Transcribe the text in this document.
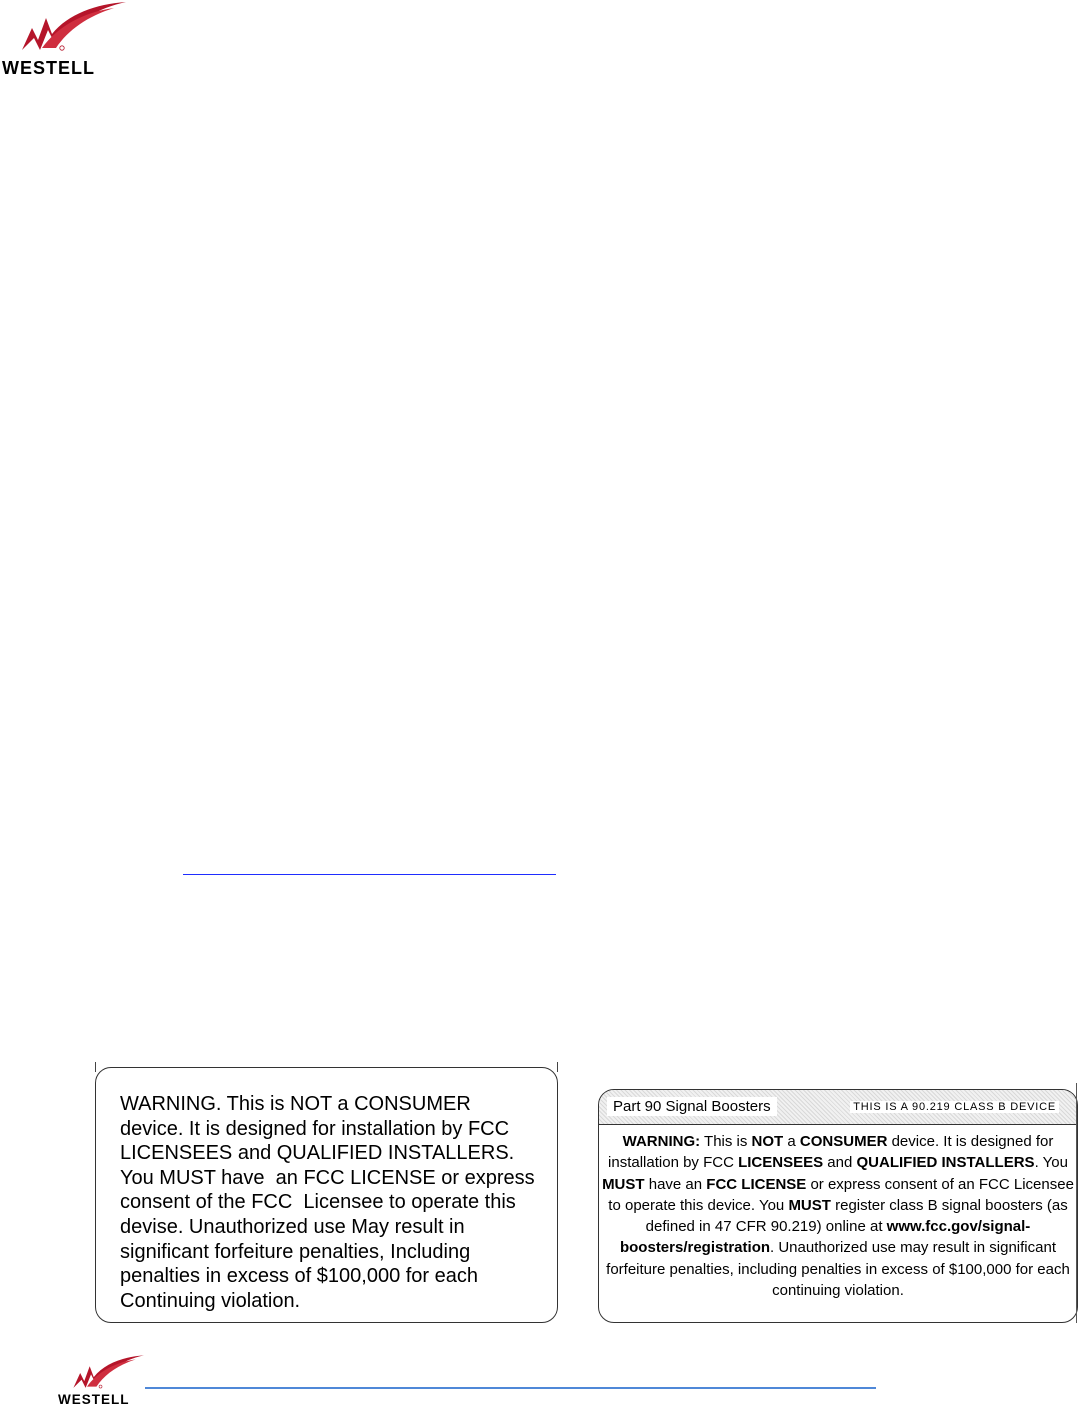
WESTELL
WARNING. This is NOT a CONSUMER
device. It is designed for installation by FCC
LICENSEES and QUALIFIED INSTALLERS.
You MUST have  an FCC LICENSE or express
consent of the FCC  Licensee to operate this
devise. Unauthorized use May result in
significant forfeiture penalties, Including
penalties in excess of $100,000 for each
Continuing violation.
Part 90 Signal Boosters	THIS IS A 90.219 CLASS B DEVICE
WARNING: This is NOT a CONSUMER device. It is designed for installation by FCC LICENSEES and QUALIFIED INSTALLERS. You MUST have an FCC LICENSE or express consent of an FCC Licensee to operate this device. You MUST register class B signal boosters (as defined in 47 CFR 90.219) online at www.fcc.gov/signal-boosters/registration. Unauthorized use may result in significant forfeiture penalties, including penalties in excess of $100,000 for each continuing violation.
WESTELL
